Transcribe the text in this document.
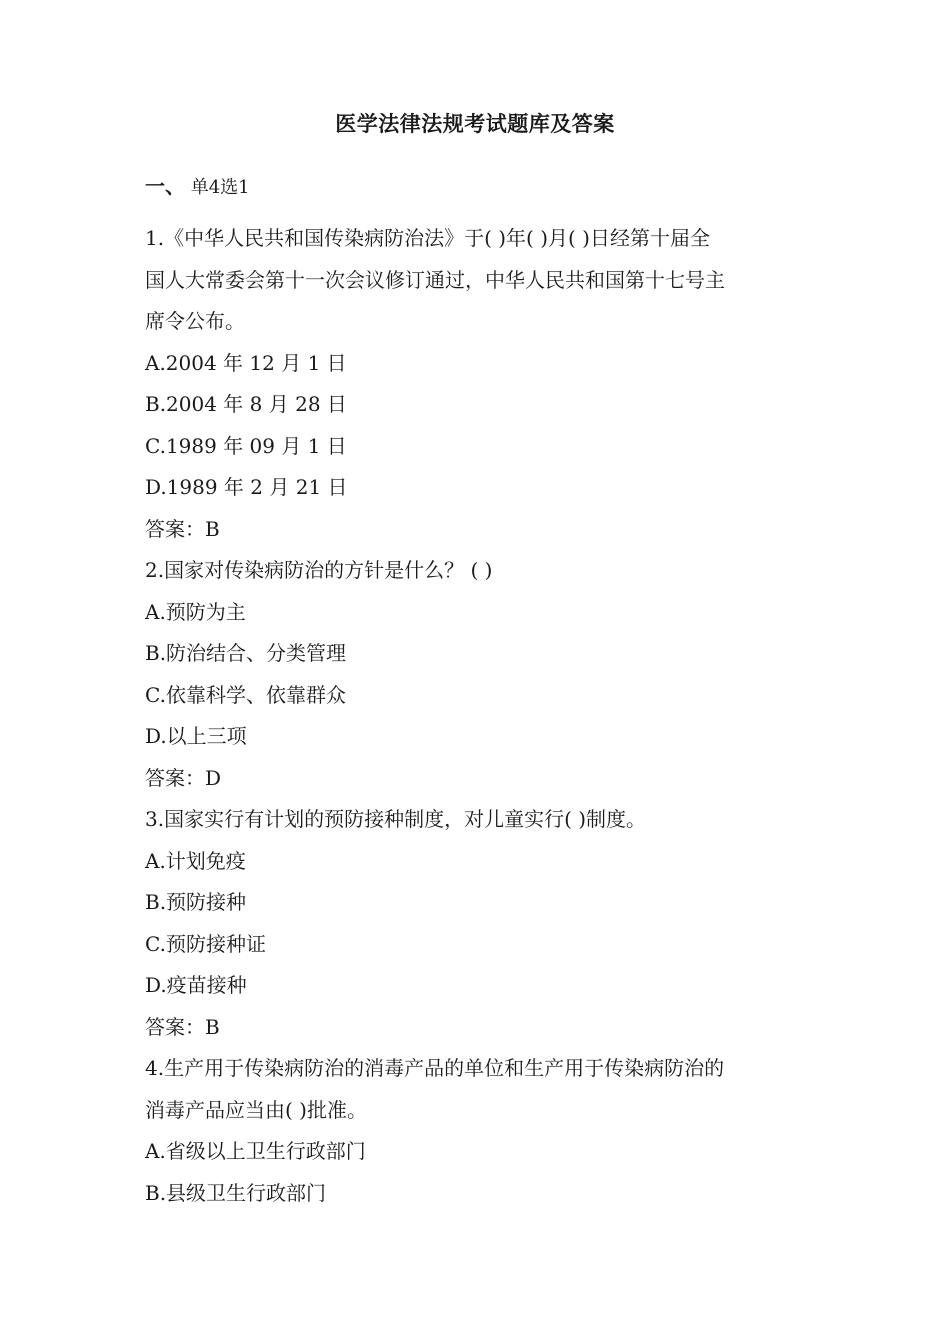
医学法律法规考试题库及答案
一、 单4选1

1.《中华人民共和国传染病防治法》于( )年( )月( )日经第十届全

国人大常委会第十一次会议修订通过，中华人民共和国第十七号主

席令公布。

A.2004 年 12 月 1 日

B.2004 年 8 月 28 日

C.1989 年 09 月 1 日

D.1989 年 2 月 21 日

答案：B

2.国家对传染病防治的方针是什么？ ( )

A.预防为主

B.防治结合、分类管理

C.依靠科学、依靠群众

D.以上三项

答案：D

3.国家实行有计划的预防接种制度，对儿童实行( )制度。

A.计划免疫

B.预防接种

C.预防接种证

D.疫苗接种

答案：B

4.生产用于传染病防治的消毒产品的单位和生产用于传染病防治的

消毒产品应当由( )批准。

A.省级以上卫生行政部门

B.县级卫生行政部门
